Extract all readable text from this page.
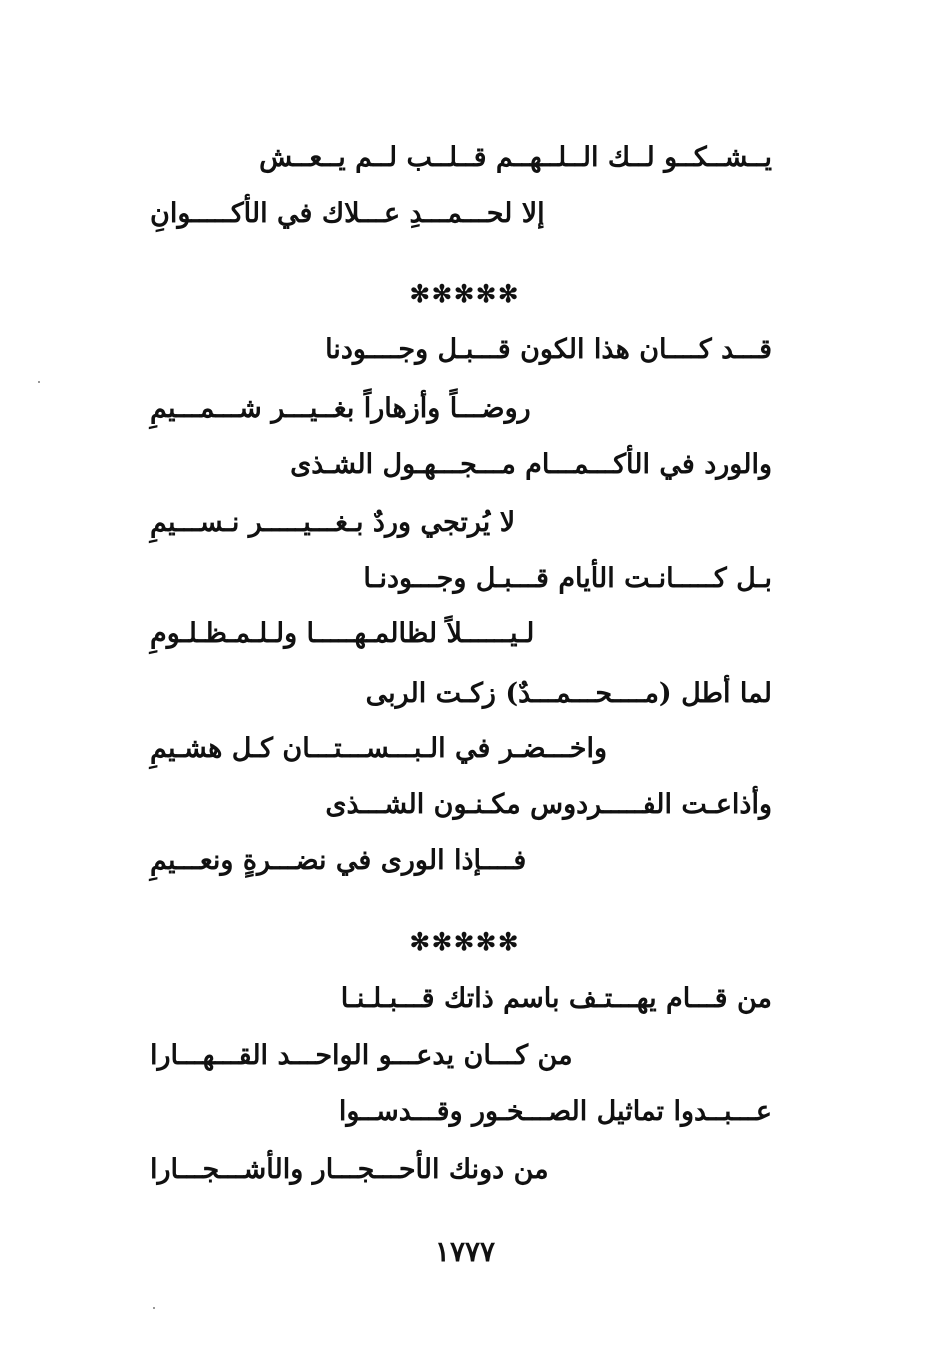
يــشــكــو لــك الــلــهــم قــلــب لــم يــعــش
إلا لحـــمـــدِ عـــلاك في الأكـــــوانِ
✻✻✻✻✻
قـــد كــــان هذا الكون قـــبـل وجــــودنا
روضـــاً وأزهاراً بغــيـــر شـــمـــيمِ
والورد في الأكـــمـــام مـــجـــهـول الشـذى
لا يُرتجي وردٌ بـغـــيـــــر نـســـيمِ
بـل كـــــانـت الأيام قـــبـل وجـــودنـا
لـيــــــلاً لظالمـهـــــا ولـلـمـظـلـومِ
لما أطل (مــــحـــمـــدٌ) زكـت الربى
واخـــضـر في الـبـــســـتـــان كـل هشـيمِ
وأذاعـت الفـــــردوس مكـنـون الشـــذى
فــــإذا الورى في نضـــرةٍ ونعـــيمِ
✻✻✻✻✻
من قـــام يهـــتـف باسم ذاتك قـــبـلـنـا
من كـــان يدعـــو الواحـــد القـــهـــارا
عـــبــدوا تماثيل الصـــخـور وقـــدســوا
من دونك الأحـــجـــار والأشـــجـــارا
١٧٧٧
